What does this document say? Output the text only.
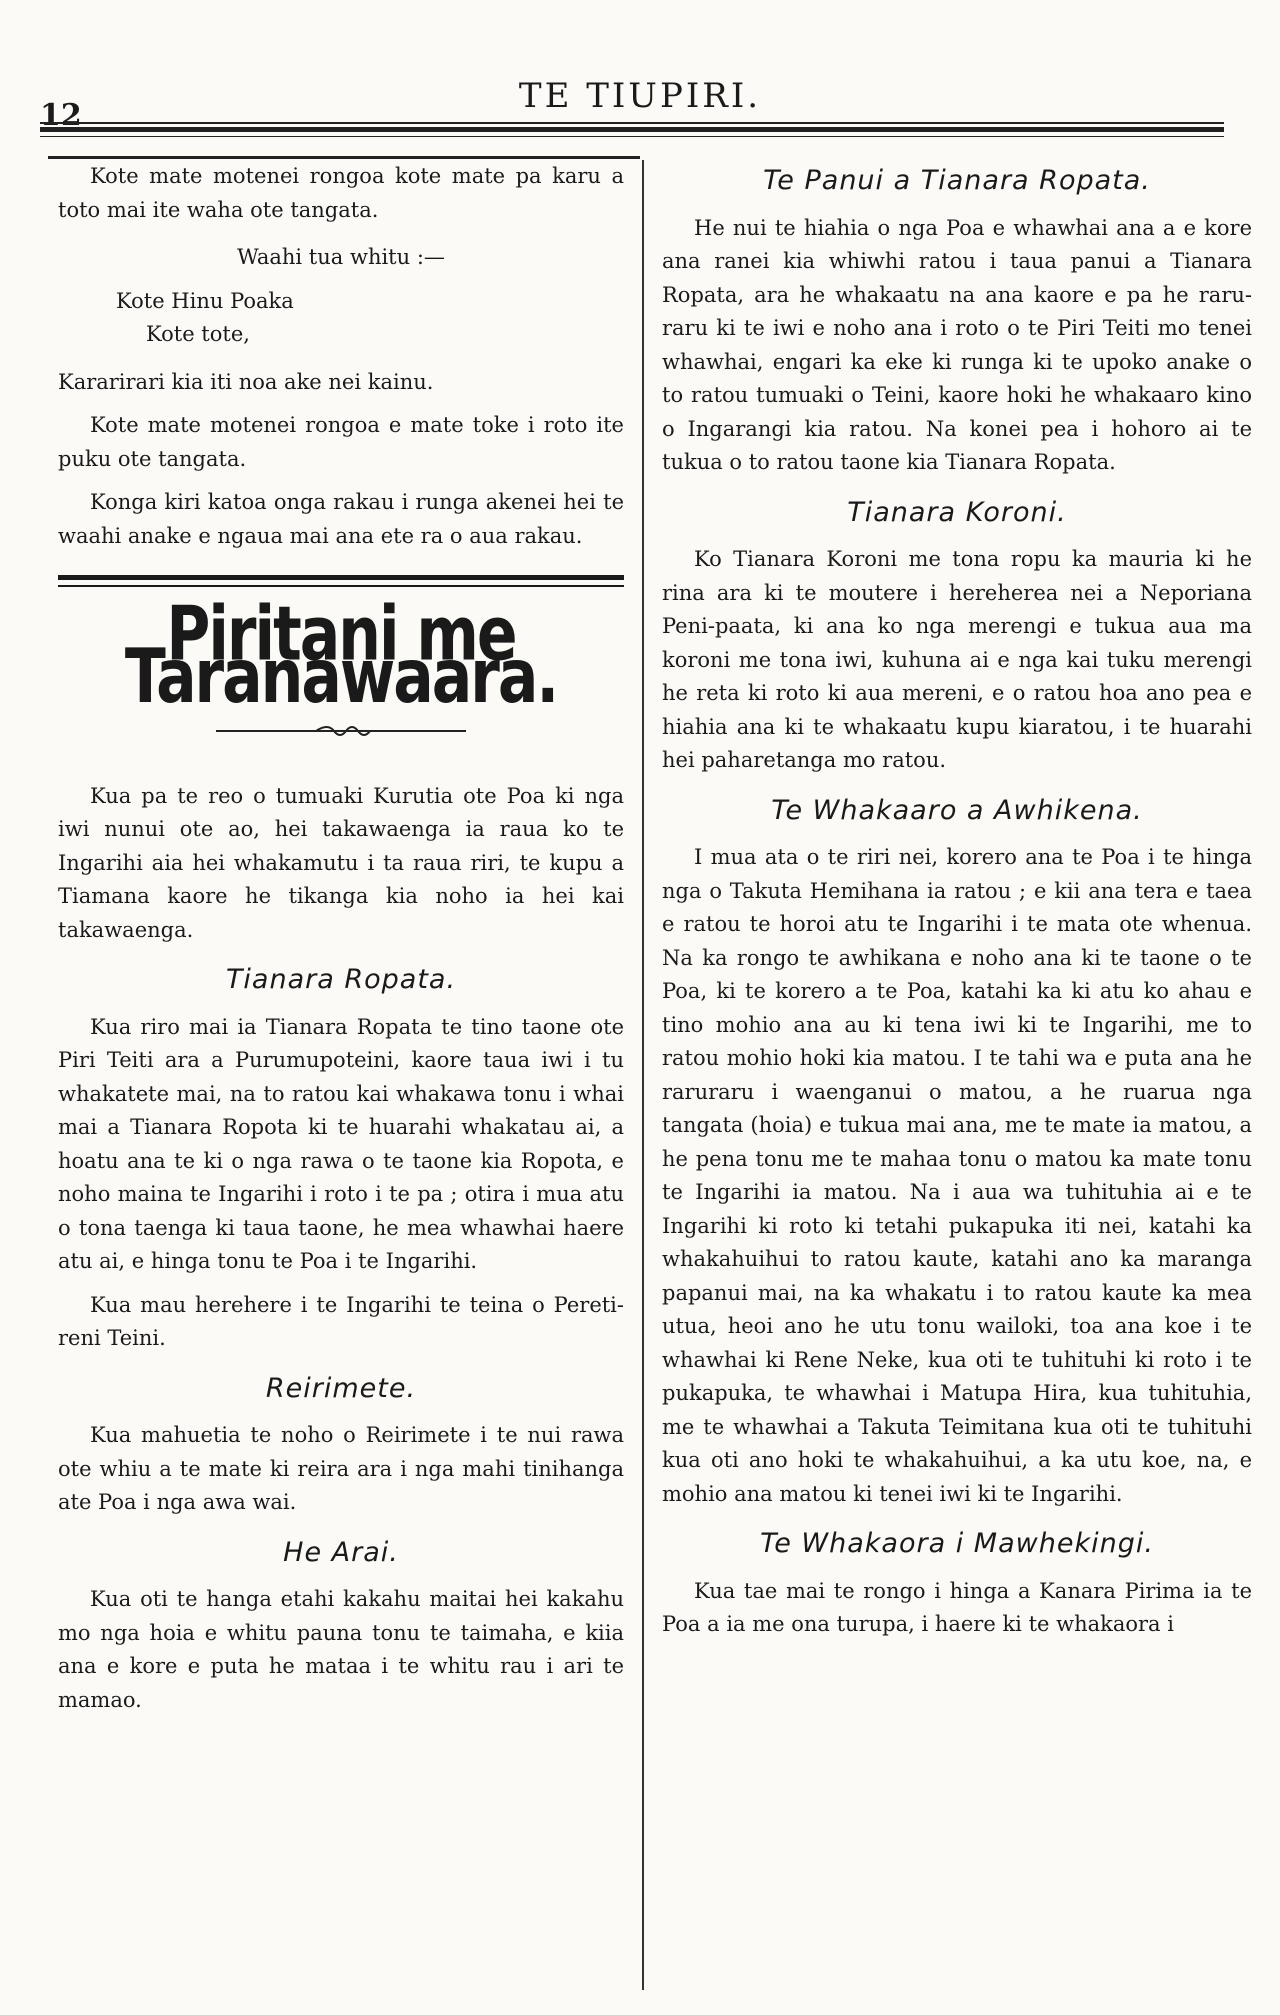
12	TE TIUPIRI.

Kote mate motenei rongoa kote mate pa karu a toto mai ite waha ote tangata.

Waahi tua whitu :—

Kote Hinu Poaka

Kote tote,

Kararirari kia iti noa ake nei kainu.

Kote mate motenei rongoa e mate toke i roto ite puku ote tangata.

Konga kiri katoa onga rakau i runga akenei hei te waahi anake e ngaua mai ana ete ra o aua rakau.

Piritani me Taranawaara.

Kua pa te reo o tumuaki Kurutia ote Poa ki nga iwi nunui ote ao, hei takawaenga ia raua ko te Ingarihi aia hei whakamutu i ta raua riri, te kupu a Tiamana kaore he tikanga kia noho ia hei kai takawaenga.

Tianara Ropata.

Kua riro mai ia Tianara Ropata te tino taone ote Piri Teiti ara a Purumupoteini, kaore taua iwi i tu whakatete mai, na to ratou kai whakawa tonu i whai mai a Tianara Ropota ki te huarahi whakatau ai, a hoatu ana te ki o nga rawa o te taone kia Ropota, e noho maina te Ingarihi i roto i te pa ; otira i mua atu o tona taenga ki taua taone, he mea whawhai haere atu ai, e hinga tonu te Poa i te Ingarihi.

Kua mau herehere i te Ingarihi te teina o Pereti-reni Teini.

Reirimete.

Kua mahuetia te noho o Reirimete i te nui rawa ote whiu a te mate ki reira ara i nga mahi tinihanga ate Poa i nga awa wai.

He Arai.

Kua oti te hanga etahi kakahu maitai hei kakahu mo nga hoia e whitu pauna tonu te taimaha, e kiia ana e kore e puta he mataa i te whitu rau i ari te mamao.

Te Panui a Tianara Ropata.

He nui te hiahia o nga Poa e whawhai ana a e kore ana ranei kia whiwhi ratou i taua panui a Tianara Ropata, ara he whakaatu na ana kaore e pa he raru-raru ki te iwi e noho ana i roto o te Piri Teiti mo tenei whawhai, engari ka eke ki runga ki te upoko anake o to ratou tumuaki o Teini, kaore hoki he whakaaro kino o Ingarangi kia ratou. Na konei pea i hohoro ai te tukua o to ratou taone kia Tianara Ropata.

Tianara Koroni.

Ko Tianara Koroni me tona ropu ka mauria ki he rina ara ki te moutere i hereherea nei a Neporiana Peni-paata, ki ana ko nga merengi e tukua aua ma koroni me tona iwi, kuhuna ai e nga kai tuku merengi he reta ki roto ki aua mereni, e o ratou hoa ano pea e hiahia ana ki te whakaatu kupu kiaratou, i te huarahi hei paharetanga mo ratou.

Te Whakaaro a Awhikena.

I mua ata o te riri nei, korero ana te Poa i te hinga nga o Takuta Hemihana ia ratou ; e kii ana tera e taea e ratou te horoi atu te Ingarihi i te mata ote whenua. Na ka rongo te awhikana e noho ana ki te taone o te Poa, ki te korero a te Poa, katahi ka ki atu ko ahau e tino mohio ana au ki tena iwi ki te Ingarihi, me to ratou mohio hoki kia matou. I te tahi wa e puta ana he raruraru i waenganui o matou, a he ruarua nga tangata (hoia) e tukua mai ana, me te mate ia matou, a he pena tonu me te mahaa tonu o matou ka mate tonu te Ingarihi ia matou. Na i aua wa tuhituhia ai e te Ingarihi ki roto ki tetahi pukapuka iti nei, katahi ka whakahuihui to ratou kaute, katahi ano ka maranga papanui mai, na ka whakatu i to ratou kaute ka mea utua, heoi ano he utu tonu wailoki, toa ana koe i te whawhai ki Rene Neke, kua oti te tuhituhi ki roto i te pukapuka, te whawhai i Matupa Hira, kua tuhituhia, me te whawhai a Takuta Teimitana kua oti te tuhituhi kua oti ano hoki te whakahuihui, a ka utu koe, na, e mohio ana matou ki tenei iwi ki te Ingarihi.

Te Whakaora i Mawhekingi.

Kua tae mai te rongo i hinga a Kanara Pirima ia te Poa a ia me ona turupa, i haere ki te whakaora i
